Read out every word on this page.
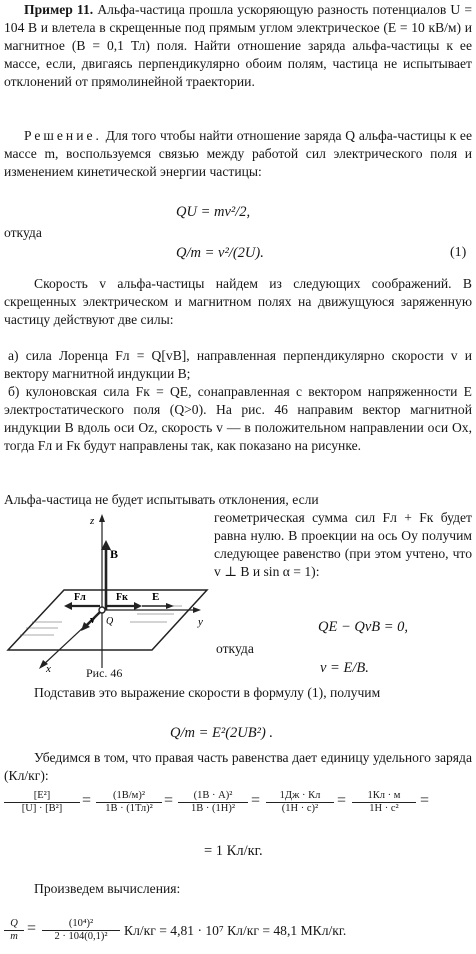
Пример 11. Альфа-частица прошла ускоряющую разность потенциалов U = 104 В и влетела в скрещенные под прямым углом электрическое (E = 10 кВ/м) и магнитное (B = 0,1 Тл) поля. Найти отношение заряда альфа-частицы к ее массе, если, двигаясь перпендикулярно обоим полям, частица не испытывает отклонений от прямолинейной траектории.
Решение. Для того чтобы найти отношение заряда Q альфа-частицы к ее массе m, воспользуемся связью между работой сил электрического поля и изменением кинетической энергии частицы:
QU = mv²/2,
откуда
Q/m = v²/(2U).	(1)
Скорость v альфа-частицы найдем из следующих соображений. В скрещенных электрическом и магнитном полях на движущуюся заряженную частицу действуют две силы:
а) сила Лоренца Fл = Q[vB], направленная перпендикулярно скорости v и вектору магнитной индукции B;
б) кулоновская сила Fк = QE, сонаправленная с вектором напряженности E электростатического поля (Q>0). На рис. 46 направим вектор магнитной индукции B вдоль оси Oz, скорость v — в положительном направлении оси Ox, тогда Fл и Fк будут направлены так, как показано на рисунке.
Альфа-частица не будет испытывать отклонения, если
геометрическая сумма сил Fл + Fк будет равна нулю. В проекции на ось Oy получим следующее равенство (при этом учтено, что v ⊥ B и sin α = 1):
QE − QvB = 0,
откуда
v = E/B.
z
B
Fл	Fк E
y
v Q
x	Рис. 46
Подставив это выражение скорости в формулу (1), получим
Q/m = E²(2UB²) .
Убедимся в том, что правая часть равенства дает единицу удельного заряда (Кл/кг):
$\frac{\text{[E²]}}{\text{[U] · [B²]}}$ =	(1В/м)²
1В · (1Тл)² =	(1В · А)²
1В · (1Н)²	=	1Дж · Кл
(1Н · с)²	=	1Кл · м
1Н · с²	=
= 1 Кл/кг.
Произведем вычисления:
$\frac{Q}{m} = \frac{\text{(10⁴)²}}{\text{2 · 104(0,1)²}} Кл/кг = 4,81 \cdot 10^7$ Кл/кг = 48,1 МКл/кг.
